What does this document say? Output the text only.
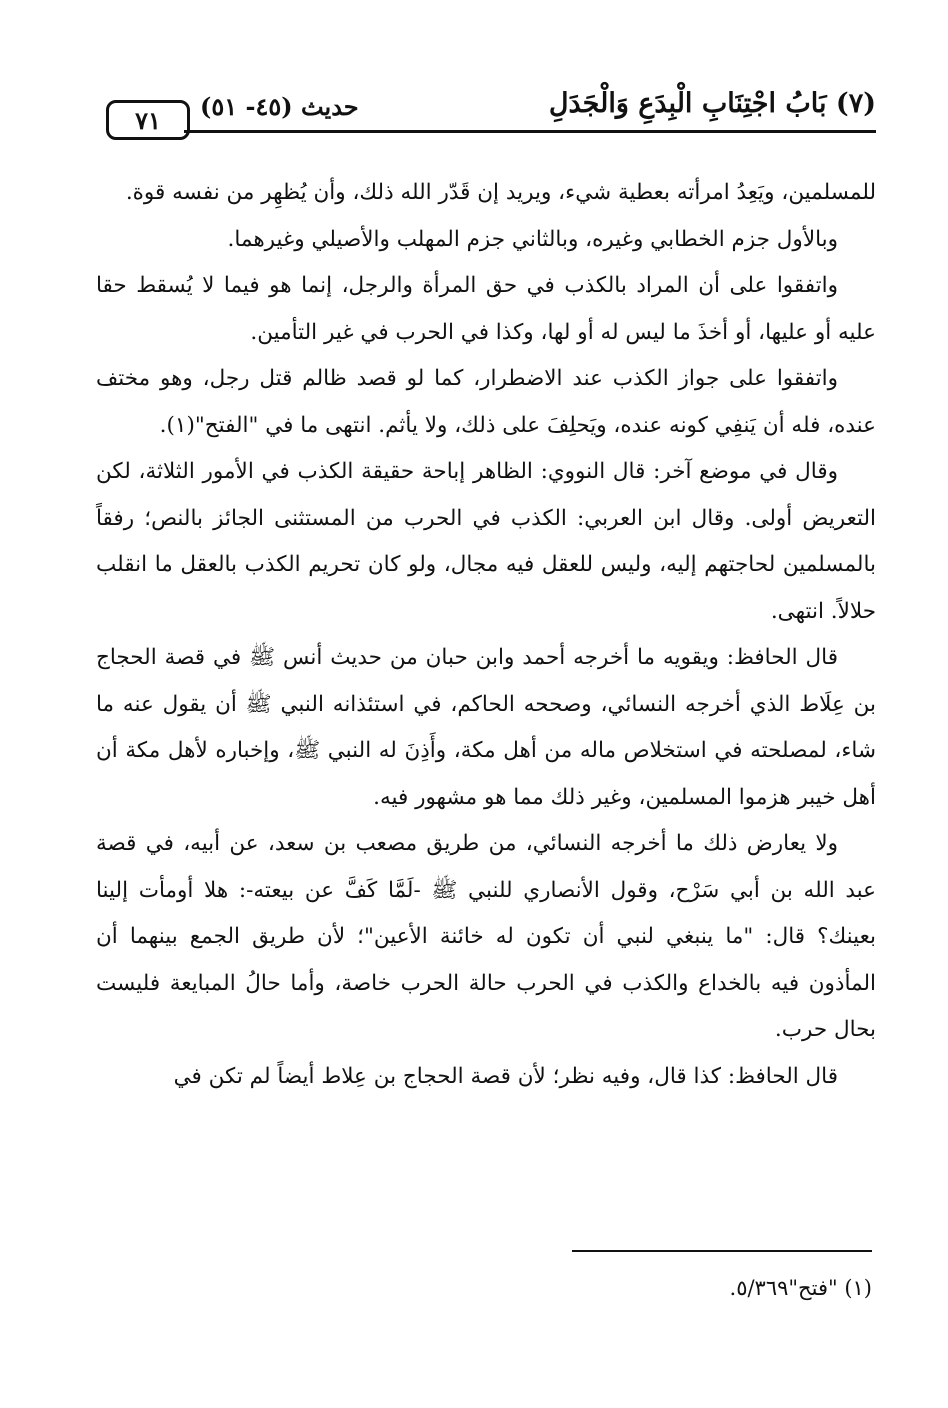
٧١	حديث (٤٥- ٥١)	(٧) بَابُ اجْتِنَابِ الْبِدَعِ وَالْجَدَلِ

للمسلمين، ويَعِدُ امرأته بعطية شيء، ويريد إن قَدّر الله ذلك، وأن يُظهِر من نفسه قوة.

وبالأول جزم الخطابي وغيره، وبالثاني جزم المهلب والأصيلي وغيرهما.

واتفقوا على أن المراد بالكذب في حق المرأة والرجل، إنما هو فيما لا يُسقط حقا عليه أو عليها، أو أخذَ ما ليس له أو لها، وكذا في الحرب في غير التأمين.

واتفقوا على جواز الكذب عند الاضطرار، كما لو قصد ظالم قتل رجل، وهو مختف عنده، فله أن يَنفِي كونه عنده، ويَحلِفَ على ذلك، ولا يأثم. انتهى ما في "الفتح"(١).

وقال في موضع آخر: قال النووي: الظاهر إباحة حقيقة الكذب في الأمور الثلاثة، لكن التعريض أولى. وقال ابن العربي: الكذب في الحرب من المستثنى الجائز بالنص؛ رفقاً بالمسلمين لحاجتهم إليه، وليس للعقل فيه مجال، ولو كان تحريم الكذب بالعقل ما انقلب حلالاً. انتهى.

قال الحافظ: ويقويه ما أخرجه أحمد وابن حبان من حديث أنس ﷺ في قصة الحجاج بن عِلَاط الذي أخرجه النسائي، وصححه الحاكم، في استئذانه النبي ﷺ أن يقول عنه ما شاء، لمصلحته في استخلاص ماله من أهل مكة، وأَذِنَ له النبي ﷺ، وإخباره لأهل مكة أن أهل خيبر هزموا المسلمين، وغير ذلك مما هو مشهور فيه.

ولا يعارض ذلك ما أخرجه النسائي، من طريق مصعب بن سعد، عن أبيه، في قصة عبد الله بن أبي سَرْح، وقول الأنصاري للنبي ﷺ -لَمَّا كَفَّ عن بيعته-: هلا أومأت إلينا بعينك؟ قال: "ما ينبغي لنبي أن تكون له خائنة الأعين"؛ لأن طريق الجمع بينهما أن المأذون فيه بالخداع والكذب في الحرب حالة الحرب خاصة، وأما حالُ المبايعة فليست بحال حرب.

قال الحافظ: كذا قال، وفيه نظر؛ لأن قصة الحجاج بن عِلاط أيضاً لم تكن في

(١) "فتح"٥/٣٦٩.
